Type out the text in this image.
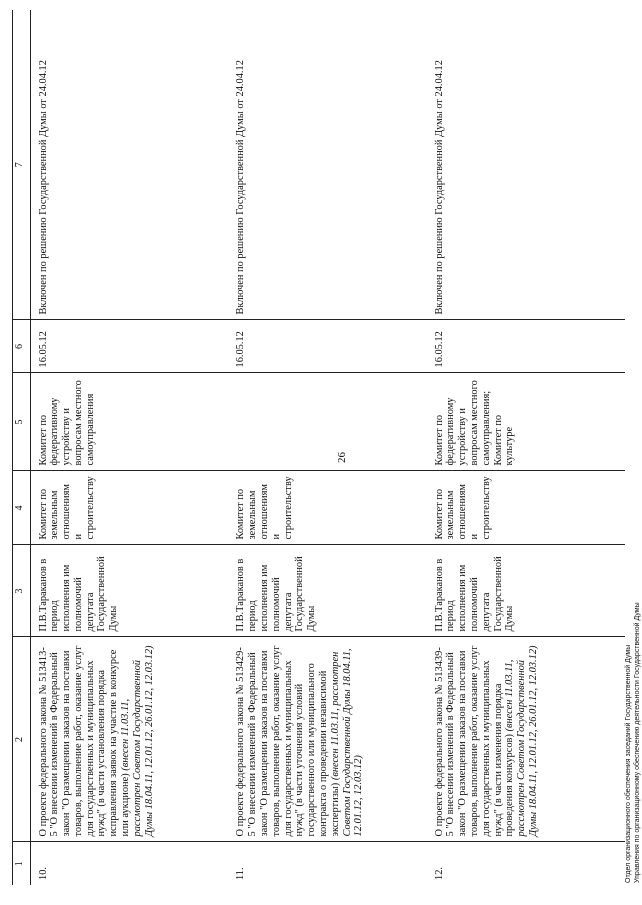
26
1	2	3	4	5	6	7
10.	О проекте федерального закона № 513413-5 "О внесении изменений в Федеральный закон "О размещении заказов на поставки товаров, выполнение работ, оказание услуг для государственных и муниципальных нужд" (в части установления порядка исправления заявок на участие в конкурсе или аукционе) (внесен 11.03.11, рассмотрен Советом Государственной Думы 18.04.11, 12.01.12, 26.01.12, 12.03.12)	П.В.Тараканов в период исполнения им полномочий депутата Государственной Думы	Комитет по земельным отношениям и строительству	Комитет по федеративному устройству и вопросам местного самоуправления	16.05.12	Включен по решению Государственной Думы от 24.04.12
11.	О проекте федерального закона № 513429-5 "О внесении изменений в Федеральный закон "О размещении заказов на поставки товаров, выполнение работ, оказание услуг для государственных и муниципальных нужд" (в части уточнения условий государственного или муниципального контракта о проведении независимой экспертизы) (внесен 11.03.11, рассмотрен Советом Государственной Думы 18.04.11, 12.01.12, 12.03.12)	П.В.Тараканов в период исполнения им полномочий депутата Государственной Думы	Комитет по земельным отношениям и строительству		16.05.12	Включен по решению Государственной Думы от 24.04.12
12.	О проекте федерального закона № 513439-5 "О внесении изменений в Федеральный закон "О размещении заказов на поставки товаров, выполнение работ, оказание услуг для государственных и муниципальных нужд" (в части изменения порядка проведения конкурсов) (внесен 11.03.11, рассмотрен Советом Государственной Думы 18.04.11, 12.01.12, 26.01.12, 12.03.12)	П.В.Тараканов в период исполнения им полномочий депутата Государственной Думы	Комитет по земельным отношениям и строительству	Комитет по федеративному устройству и вопросам местного самоуправления; Комитет по культуре	16.05.12	Включен по решению Государственной Думы от 24.04.12
Отдел организационного обеспечения заседаний Государственной Думы Управления по организационному обеспечению деятельности Государственной Думы
